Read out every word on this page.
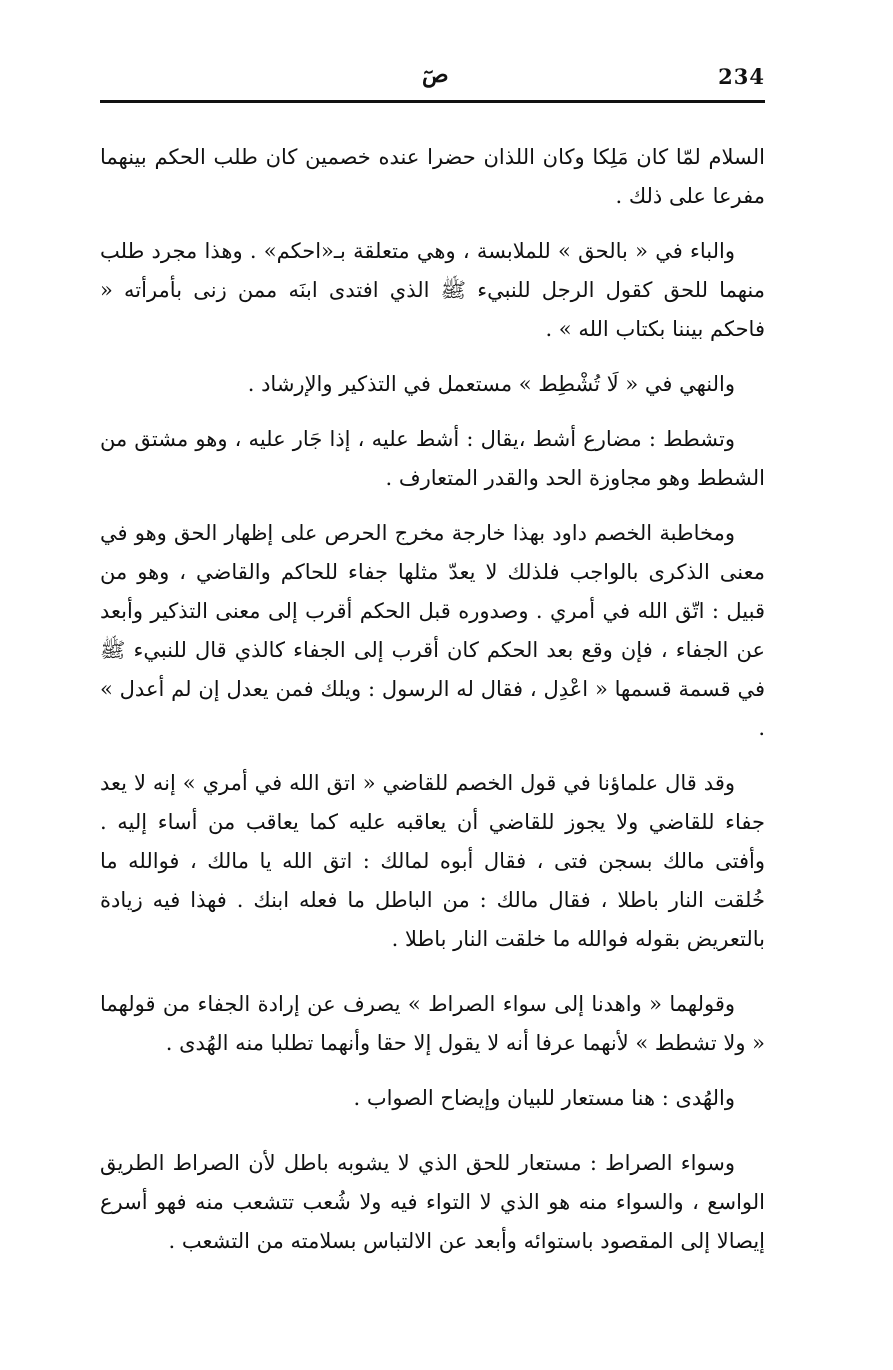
234
صٓ

السلام لمّا كان مَلِكا وكان اللذان حضرا عنده خصمين كان طلب الحكم بينهما مفرعا على ذلك .

والباء في « بالحق » للملابسة ، وهي متعلقة بـ«احكم» . وهذا مجرد طلب منهما للحق كقول الرجل للنبيء ﷺ الذي افتدى ابنَه ممن زنى بأمرأته « فاحكم بيننا بكتاب الله » .

والنهي في « لَا تُشْطِط » مستعمل في التذكير والإرشاد .

وتشطط : مضارع أشط ،يقال : أشط عليه ، إذا جَار عليه ، وهو مشتق من الشطط وهو مجاوزة الحد والقدر المتعارف .

ومخاطبة الخصم داود بهذا خارجة مخرج الحرص على إظهار الحق وهو في معنى الذكرى بالواجب فلذلك لا يعدّ مثلها جفاء للحاكم والقاضي ، وهو من قبيل : اتّق الله في أمري . وصدوره قبل الحكم أقرب إلى معنى التذكير وأبعد عن الجفاء ، فإن وقع بعد الحكم كان أقرب إلى الجفاء كالذي قال للنبيء ﷺ في قسمة قسمها « اعْدِل ، فقال له الرسول : ويلك فمن يعدل إن لم أعدل » .

وقد قال علماؤنا في قول الخصم للقاضي « اتق الله في أمري » إنه لا يعد جفاء للقاضي ولا يجوز للقاضي أن يعاقبه عليه كما يعاقب من أساء إليه . وأفتى مالك بسجن فتى ، فقال أبوه لمالك : اتق الله يا مالك ، فوالله ما خُلقت النار باطلا ، فقال مالك : من الباطل ما فعله ابنك . فهذا فيه زيادة بالتعريض بقوله فوالله ما خلقت النار باطلا .

وقولهما « واهدنا إلى سواء الصراط » يصرف عن إرادة الجفاء من قولهما « ولا تشطط » لأنهما عرفا أنه لا يقول إلا حقا وأنهما تطلبا منه الهُدى .

والهُدى : هنا مستعار للبيان وإيضاح الصواب .

وسواء الصراط : مستعار للحق الذي لا يشوبه باطل لأن الصراط الطريق الواسع ، والسواء منه هو الذي لا التواء فيه ولا شُعب تتشعب منه فهو أسرع إيصالا إلى المقصود باستوائه وأبعد عن الالتباس بسلامته من التشعب .
